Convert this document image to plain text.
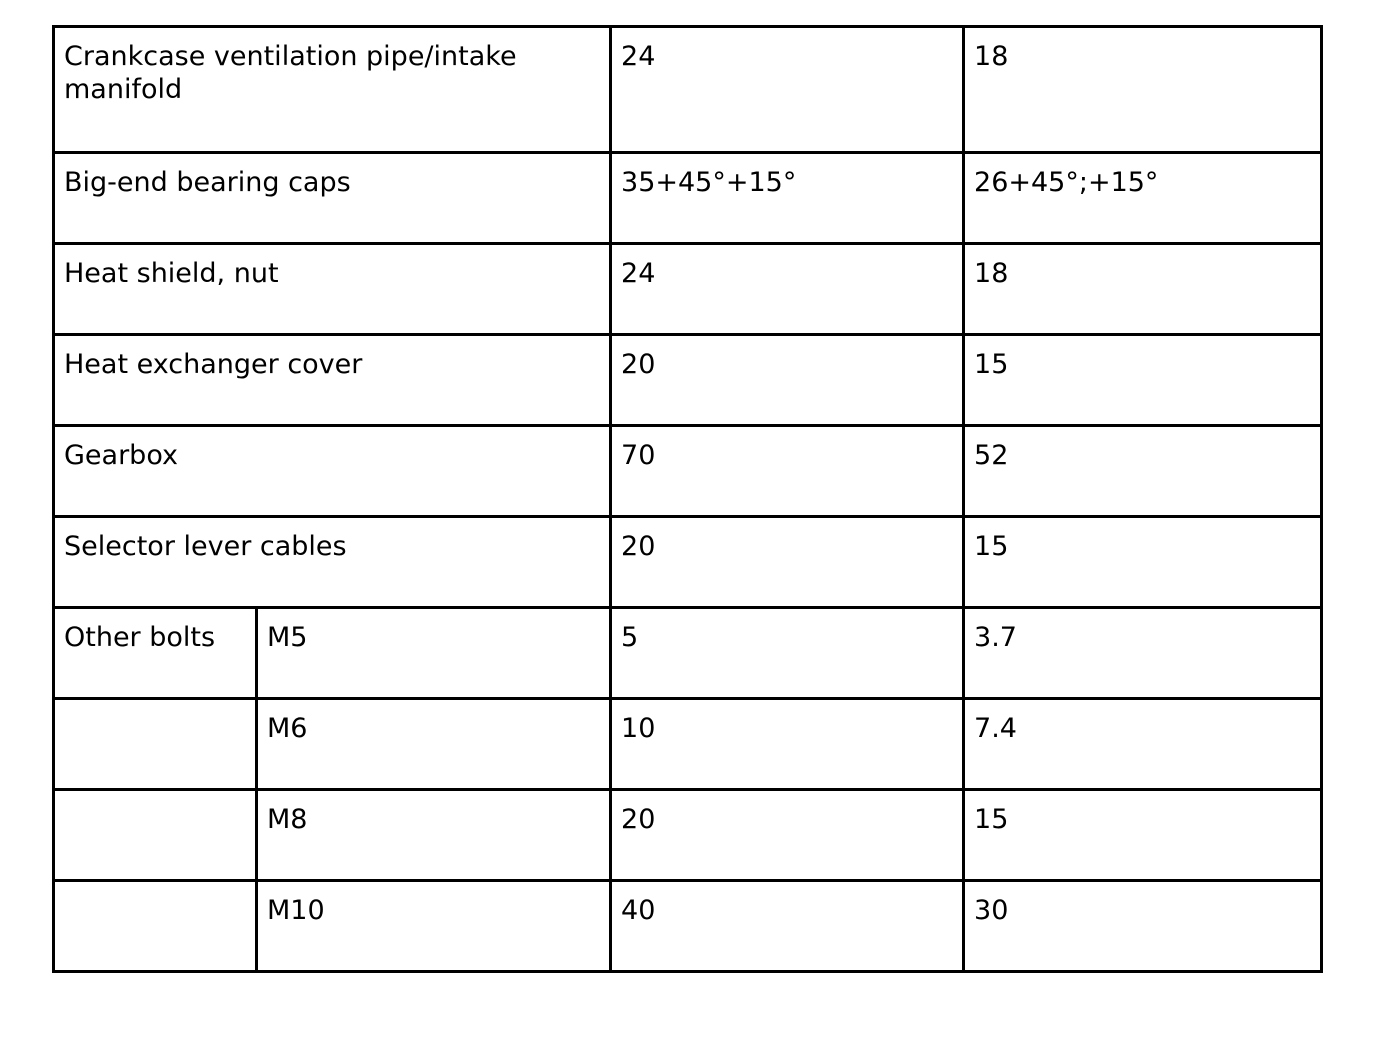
Crankcase ventilation pipe/intake manifold		24	18
Big-end bearing caps		35+45°+15°	26+45°;+15°
Heat shield, nut		24	18
Heat exchanger cover		20	15
Gearbox		70	52
Selector lever cables		20	15
Other bolts	M5	5	3.7
	M6	10	7.4
	M8	20	15
	M10	40	30
